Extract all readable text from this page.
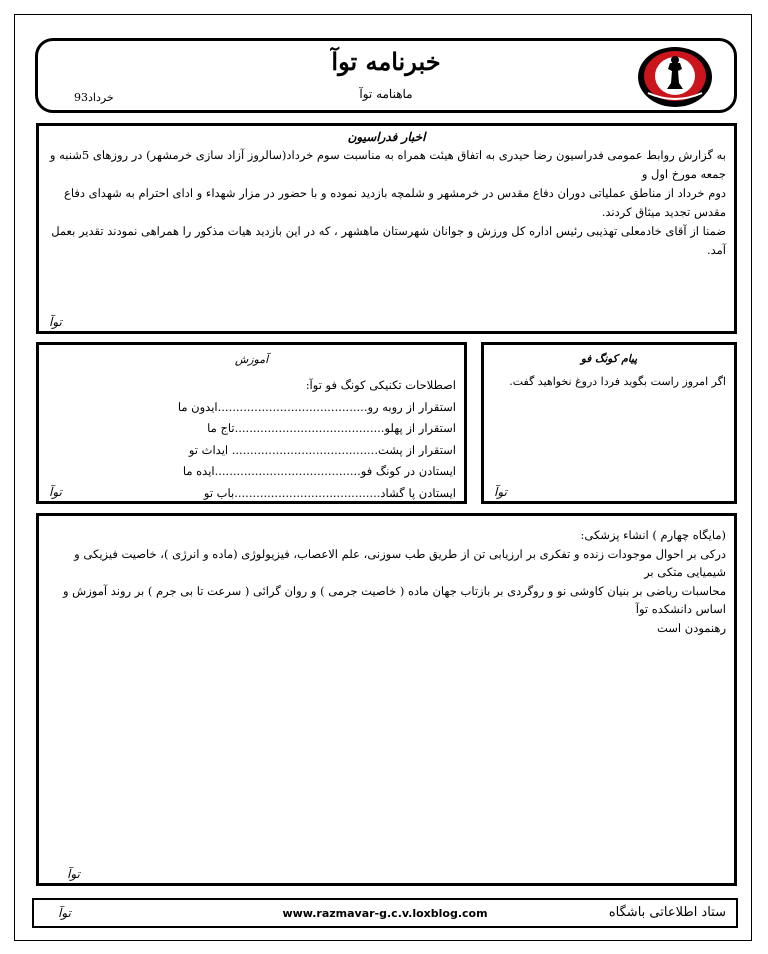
خبرنامه توآ
ماهنامه توآ
خرداد93
اخبار فدراسیون

به گزارش روابط عمومی فدراسیون رضا حیدری به اتفاق هیئت همراه به مناسبت سوم خرداد(سالروز آزاد سازی خرمشهر) در روزهای 5شنبه و جمعه مورخ اول و
دوم خرداد از مناطق عملیاتی دوران دفاع مقدس در خرمشهر و شلمچه بازدید نموده و با حضور در مزار شهداء و ادای احترام به شهدای دفاع مقدس تجدید میثاق کردند.
ضمنا از آقای خادمعلی تهذیبی رئیس اداره کل ورزش و جوانان شهرستان ماهشهر ، که در این بازدید هیات مذکور را همراهی نمودند تقدیر بعمل آمد.

توآ
آموزش
اصطلاحات تکنیکی کونگ فو توآ:
استقرار از روبه رو.........................................ایدون ما
استقرار از پهلو.........................................تاج ما
استقرار از پشت........................................ ایداث تو
ایستادن در کونگ فو........................................ایده ما
ایستادن پا گشاد........................................باب تو
توآ
پیام کونگ فو

اگر امروز راست بگوید فردا دروغ نخواهید گفت.

توآ

(مایگاه چهارم ) انشاء پزشکی:
درکی بر احوال موجودات زنده و تفکری بر ارزیابی تن از طریق طب سوزنی، علم الاعصاب، فیزیولوژی (ماده و انرژی )، خاصیت فیزیکی و شیمیایی متکی بر
محاسبات ریاضی بر بنیان کاوشی نو و روگردی بر بازتاب جهان ماده ( خاصیت جرمی ) و روان گرائی ( سرعت تا بی جرم ) بر روند آموزش و اساس دانشکده توآ
رهنمودن است

توآ
توآ	www.razmavar-g.c.v.loxblog.com	ستاد اطلاعاتی باشگاه
